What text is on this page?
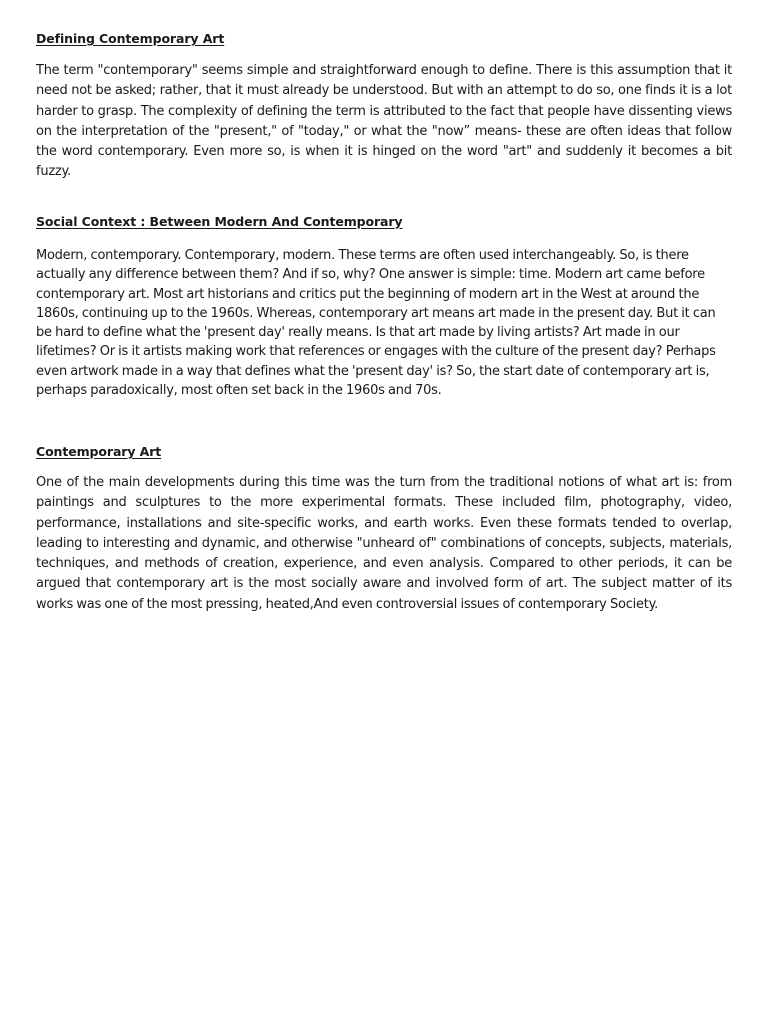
Defining Contemporary Art

The term "contemporary" seems simple and straightforward enough to define. There is this assumption that it need not be asked; rather, that it must already be understood. But with an attempt to do so, one finds it is a lot harder to grasp. The complexity of defining the term is attributed to the fact that people have dissenting views on the interpretation of the "present," of "today," or what the "now” means- these are often ideas that follow the word contemporary. Even more so, is when it is hinged on the word "art" and suddenly it becomes a bit fuzzy.

Social Context : Between Modern And Contemporary

Modern, contemporary. Contemporary, modern. These terms are often used interchangeably. So, is there actually any difference between them? And if so, why? One answer is simple: time. Modern art came before contemporary art. Most art historians and critics put the beginning of modern art in the West at around the 1860s, continuing up to the 1960s. Whereas, contemporary art means art made in the present day. But it can be hard to define what the 'present day' really means. Is that art made by living artists? Art made in our lifetimes? Or is it artists making work that references or engages with the culture of the present day? Perhaps even artwork made in a way that defines what the 'present day' is? So, the start date of contemporary art is, perhaps paradoxically, most often set back in the 1960s and 70s.

Contemporary Art

One of the main developments during this time was the turn from the traditional notions of what art is: from paintings and sculptures to the more experimental formats. These included film, photography, video, performance, installations and site-specific works, and earth works. Even these formats tended to overlap, leading to interesting and dynamic, and otherwise "unheard of" combinations of concepts, subjects, materials, techniques, and methods of creation, experience, and even analysis. Compared to other periods, it can be argued that contemporary art is the most socially aware and involved form of art. The subject matter of its works was one of the most pressing, heated,And even controversial issues of contemporary Society.
